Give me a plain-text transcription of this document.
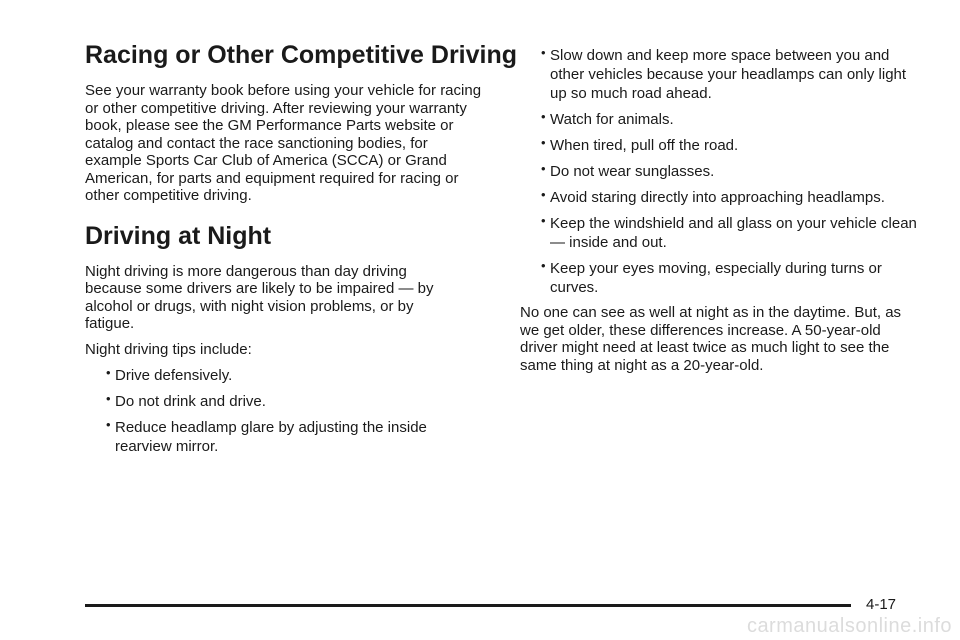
Racing or Other Competitive Driving

See your warranty book before using your vehicle for racing or other competitive driving. After reviewing your warranty book, please see the GM Performance Parts website or catalog and contact the race sanctioning bodies, for example Sports Car Club of America (SCCA) or Grand American, for parts and equipment required for racing or other competitive driving.

Driving at Night

Night driving is more dangerous than day driving because some drivers are likely to be impaired — by alcohol or drugs, with night vision problems, or by fatigue.

Night driving tips include:

• Drive defensively.
• Do not drink and drive.
• Reduce headlamp glare by adjusting the inside rearview mirror.
• Slow down and keep more space between you and other vehicles because your headlamps can only light up so much road ahead.
• Watch for animals.
• When tired, pull off the road.
• Do not wear sunglasses.
• Avoid staring directly into approaching headlamps.
• Keep the windshield and all glass on your vehicle clean — inside and out.
• Keep your eyes moving, especially during turns or curves.

No one can see as well at night as in the daytime. But, as we get older, these differences increase. A 50-year-old driver might need at least twice as much light to see the same thing at night as a 20-year-old.

4-17
carmanualsonline.info
